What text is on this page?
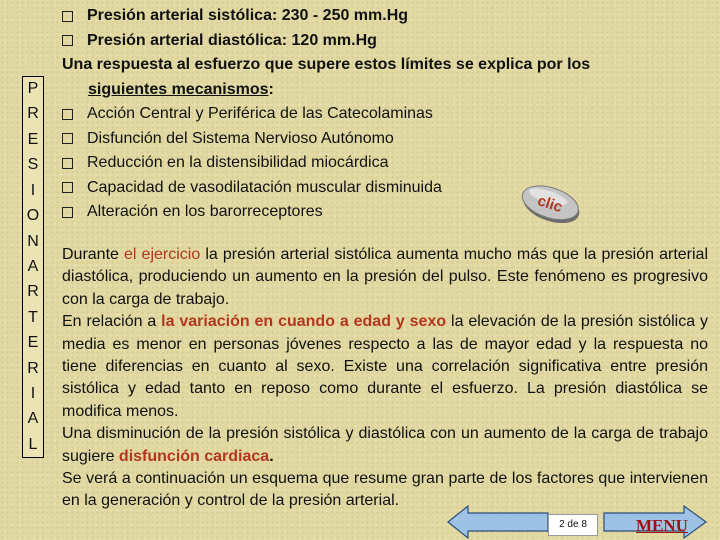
P
R
E
S
I
O
N
A
R
T
E
R
I
A
L
Presión arterial sistólica: 230 - 250 mm.Hg
Presión arterial diastólica: 120 mm.Hg
Una respuesta al esfuerzo que supere estos límites se explica por los
siguientes mecanismos:
Acción Central y Periférica de las Catecolaminas
Disfunción del Sistema Nervioso Autónomo
Reducción en la distensibilidad miocárdica
Capacidad de vasodilatación muscular disminuida
Alteración en los barorreceptores	clic

Durante el ejercicio la presión arterial sistólica aumenta mucho más que la presión arterial diastólica, produciendo un aumento en la presión del pulso. Este fenómeno es progresivo con la carga de trabajo.

En relación a la variación en cuando a edad y sexo la elevación de la presión sistólica y media es menor en personas jóvenes respecto a las de mayor edad y la respuesta no tiene diferencias en cuanto al sexo. Existe una correlación significativa entre presión sistólica y edad tanto en reposo como durante el esfuerzo. La presión diastólica se modifica menos.

Una disminución de la presión sistólica y diastólica con un aumento de la carga de trabajo sugiere disfunción cardiaca.

Se verá a continuación un esquema que resume gran parte de los factores que intervienen en la generación y control de la presión arterial.

2 de 8	MENU
